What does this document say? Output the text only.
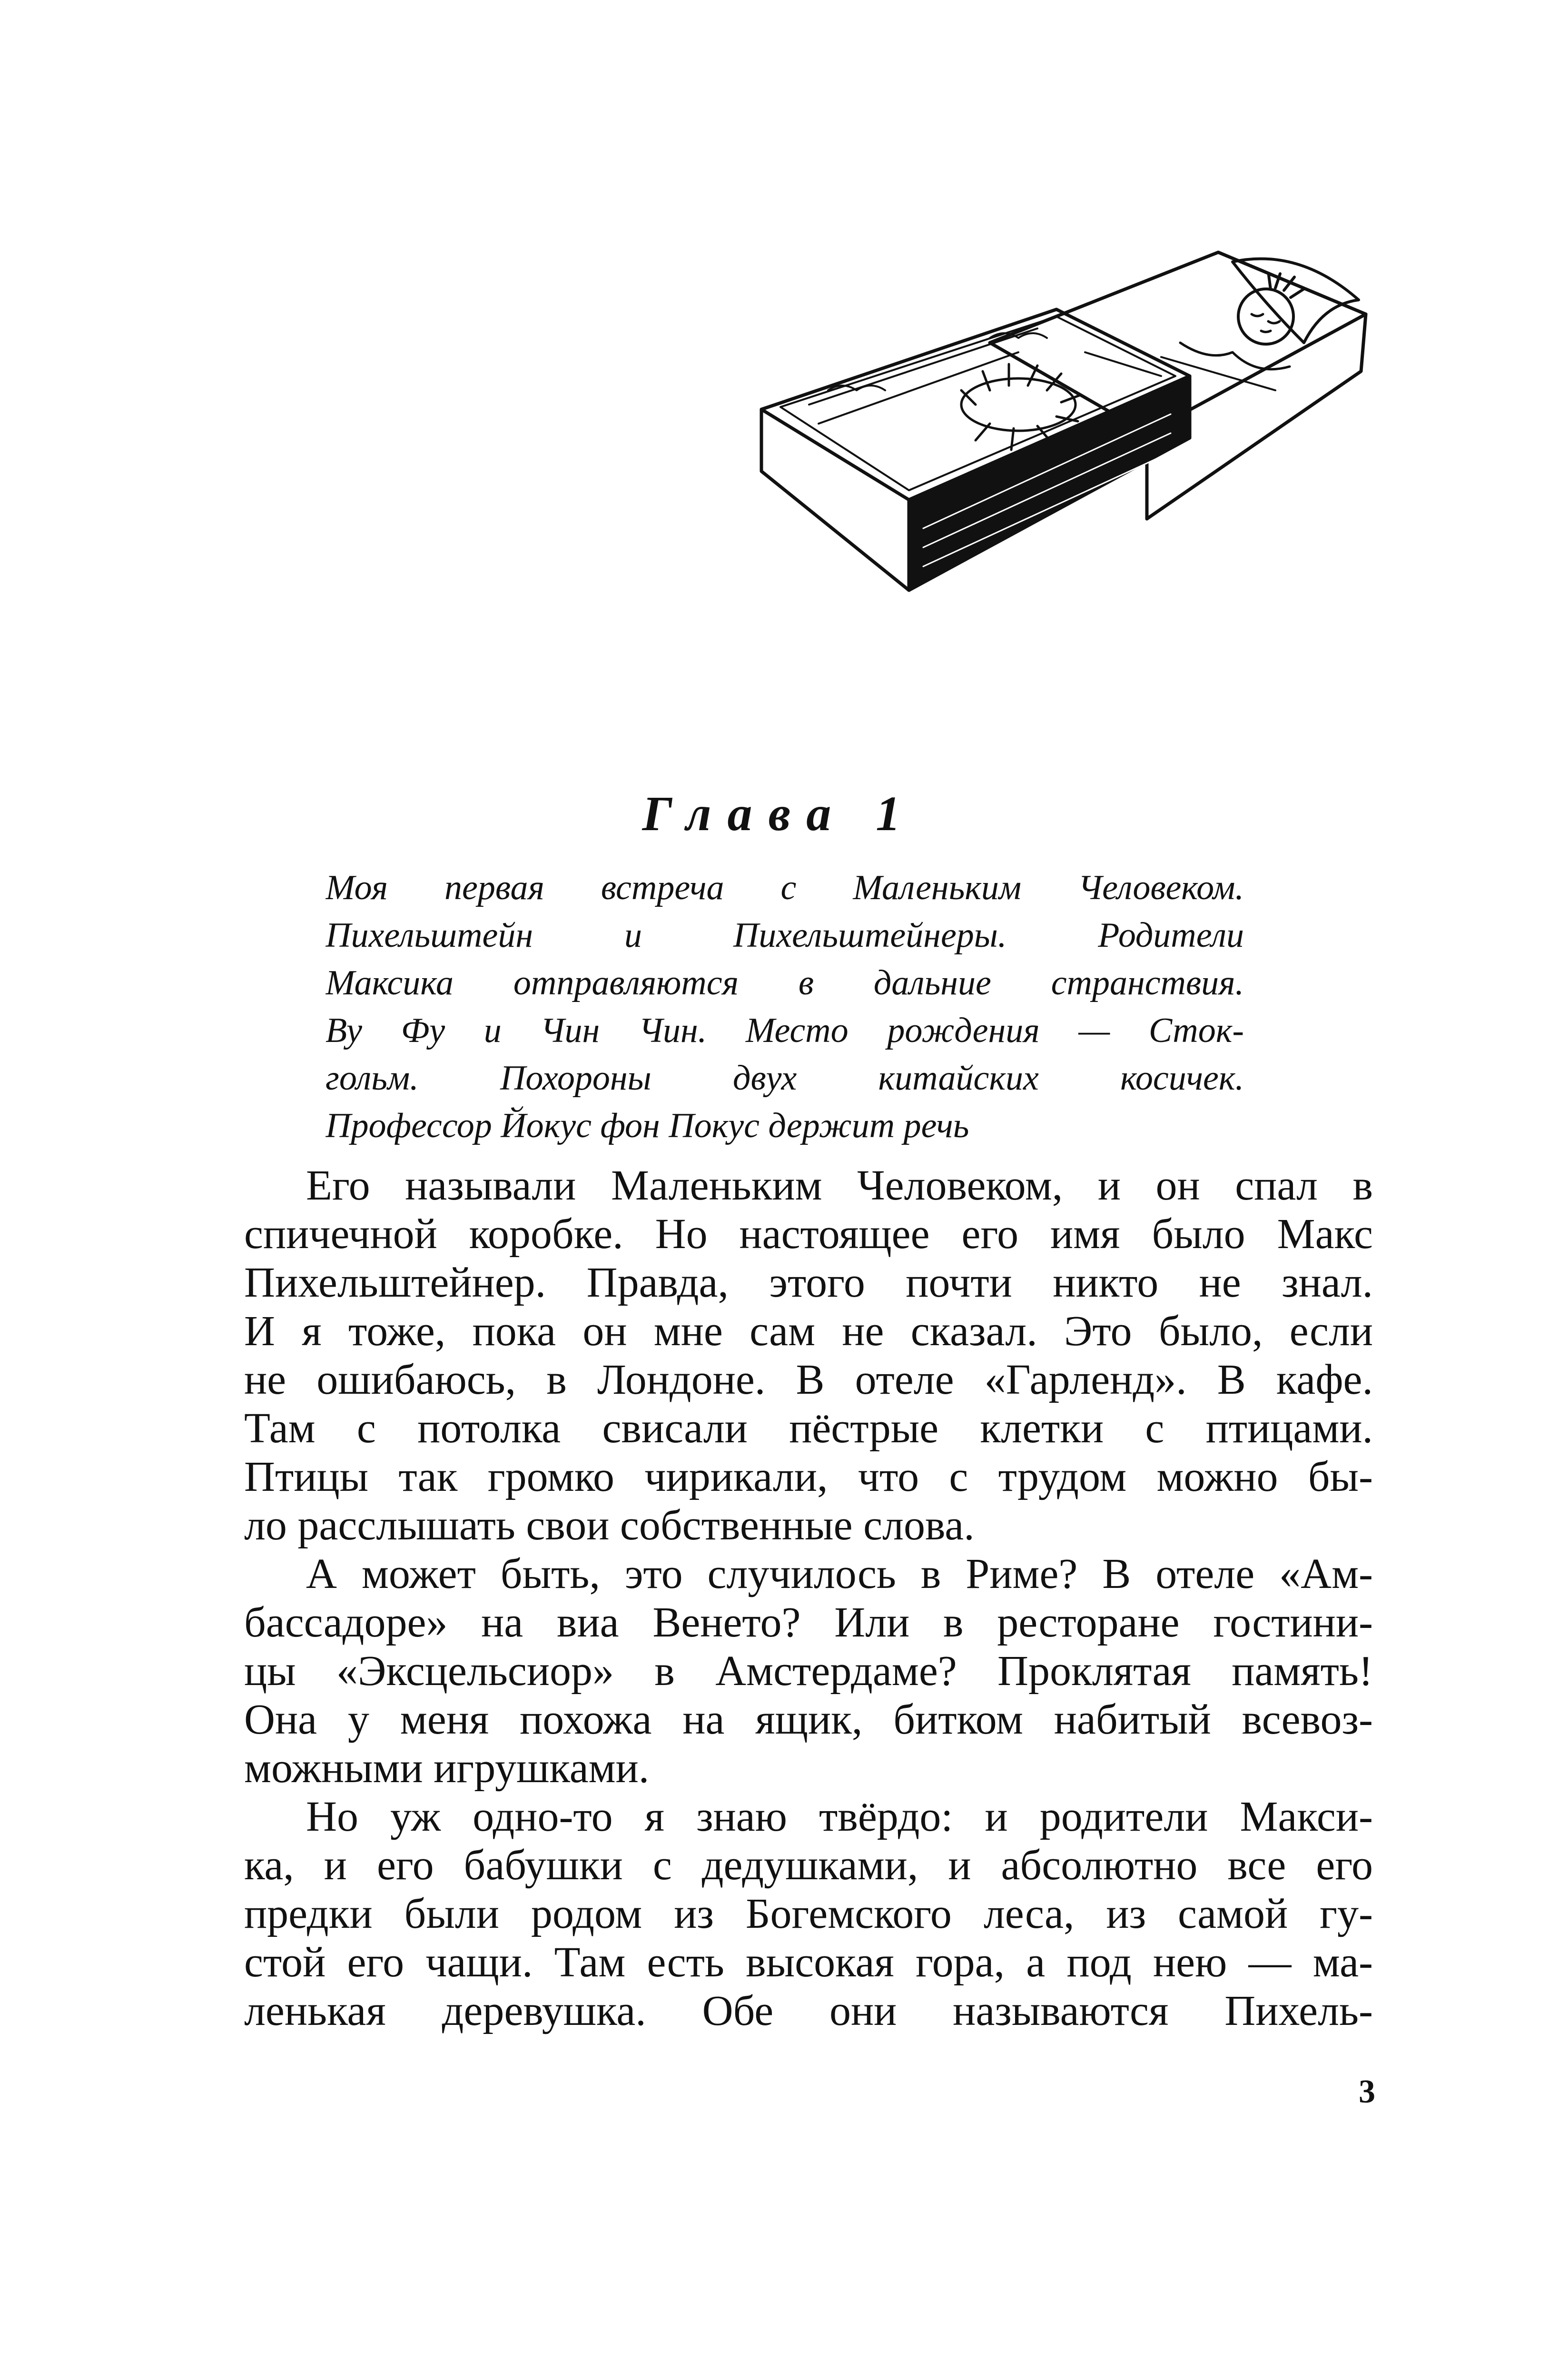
Глава 1
Моя первая встреча с Маленьким Человеком.
Пихельштейн и Пихельштейнеры. Родители
Максика отправляются в дальние странствия.
Ву Фу и Чин Чин. Место рождения — Сток-
гольм. Похороны двух китайских косичек.
Профессор Йокус фон Покус держит речь
Его называли Маленьким Человеком, и он спал в
спичечной коробке. Но настоящее его имя было Макс
Пихельштейнер. Правда, этого почти никто не знал.
И я тоже, пока он мне сам не сказал. Это было, если
не ошибаюсь, в Лондоне. В отеле «Гарленд». В кафе.
Там с потолка свисали пёстрые клетки с птицами.
Птицы так громко чирикали, что с трудом можно бы-
ло расслышать свои собственные слова.
А может быть, это случилось в Риме? В отеле «Ам-
бассадоре» на виа Венето? Или в ресторане гостини-
цы «Эксцельсиор» в Амстердаме? Проклятая память!
Она у меня похожа на ящик, битком набитый всевоз-
можными игрушками.
Но уж одно-то я знаю твёрдо: и родители Макси-
ка, и его бабушки с дедушками, и абсолютно все его
предки были родом из Богемского леса, из самой гу-
стой его чащи. Там есть высокая гора, а под нею — ма-
ленькая деревушка. Обе они называются Пихель-
3
